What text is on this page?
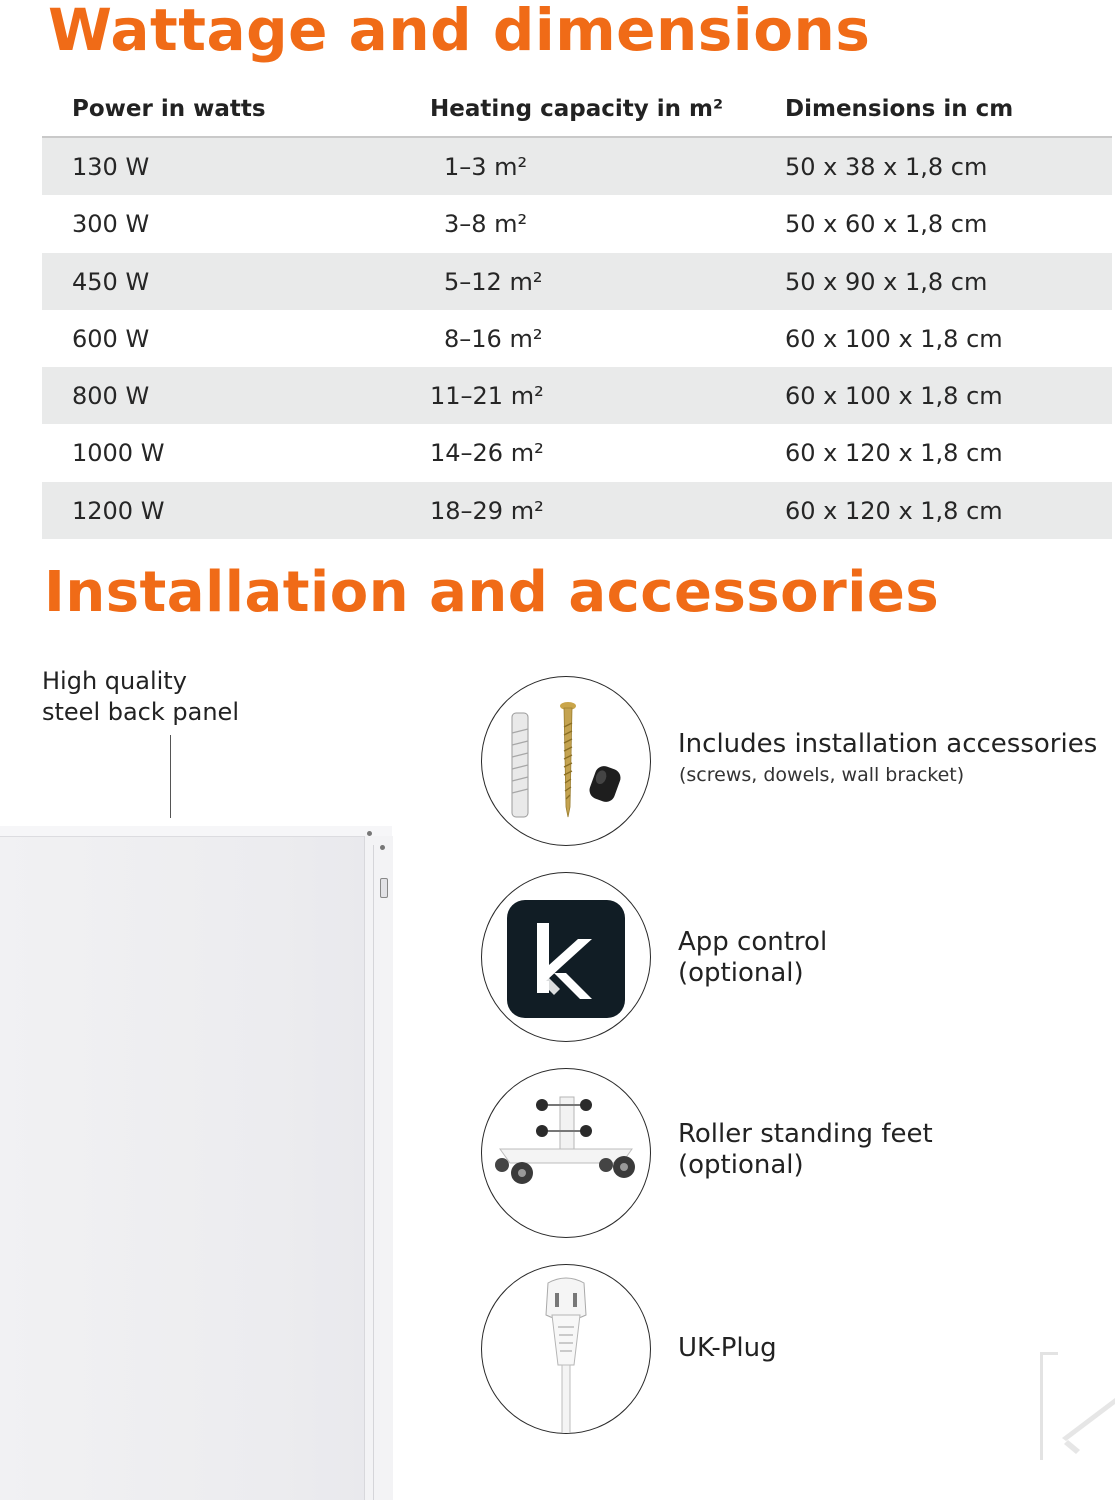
Wattage and dimensions
Power in watts	Heating capacity in m²	Dimensions in cm
130 W	1–3 m²	50 x 38 x 1,8 cm
300 W	3–8 m²	50 x 60 x 1,8 cm
450 W	5–12 m²	50 x 90 x 1,8 cm
600 W	8–16 m²	60 x 100 x 1,8 cm
800 W	11–21 m²	60 x 100 x 1,8 cm
1000 W	14–26 m²	60 x 120 x 1,8 cm
1200 W	18–29 m²	60 x 120 x 1,8 cm
Installation and accessories
High quality
steel back panel
Includes installation accessories
(screws, dowels, wall bracket)
App control
(optional)
Roller standing feet
(optional)
UK-Plug
